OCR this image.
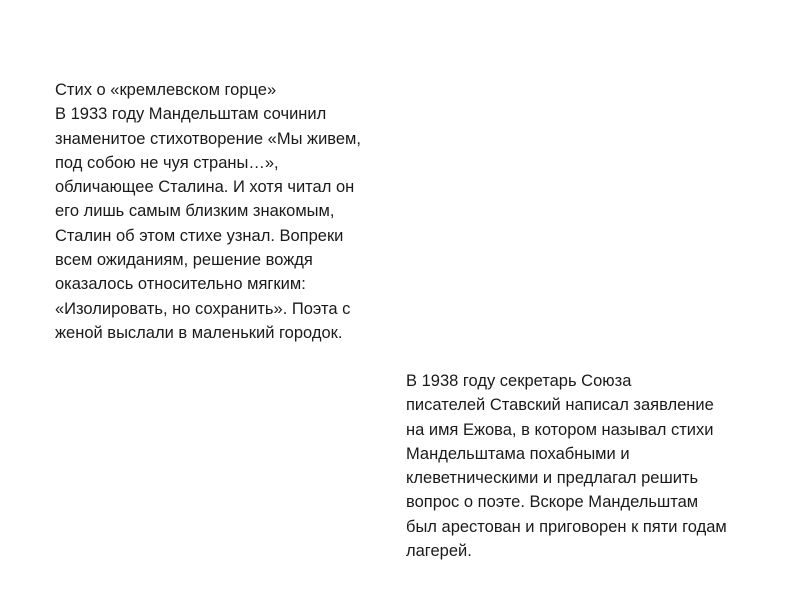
Стих о «кремлевском горце»
В 1933 году Мандельштам сочинил
знаменитое стихотворение «Мы живем,
под собою не чуя страны…»,
обличающее Сталина. И хотя читал он
его лишь самым близким знакомым,
Сталин об этом стихе узнал. Вопреки
всем ожиданиям, решение вождя
оказалось относительно мягким:
«Изолировать, но сохранить». Поэта с
женой выслали в маленький городок.
В 1938 году секретарь Союза
писателей Ставский написал заявление
на имя Ежова, в котором называл стихи
Мандельштама похабными и
клеветническими и предлагал решить
вопрос о поэте. Вскоре Мандельштам
был арестован и приговорен к пяти годам
лагерей.
